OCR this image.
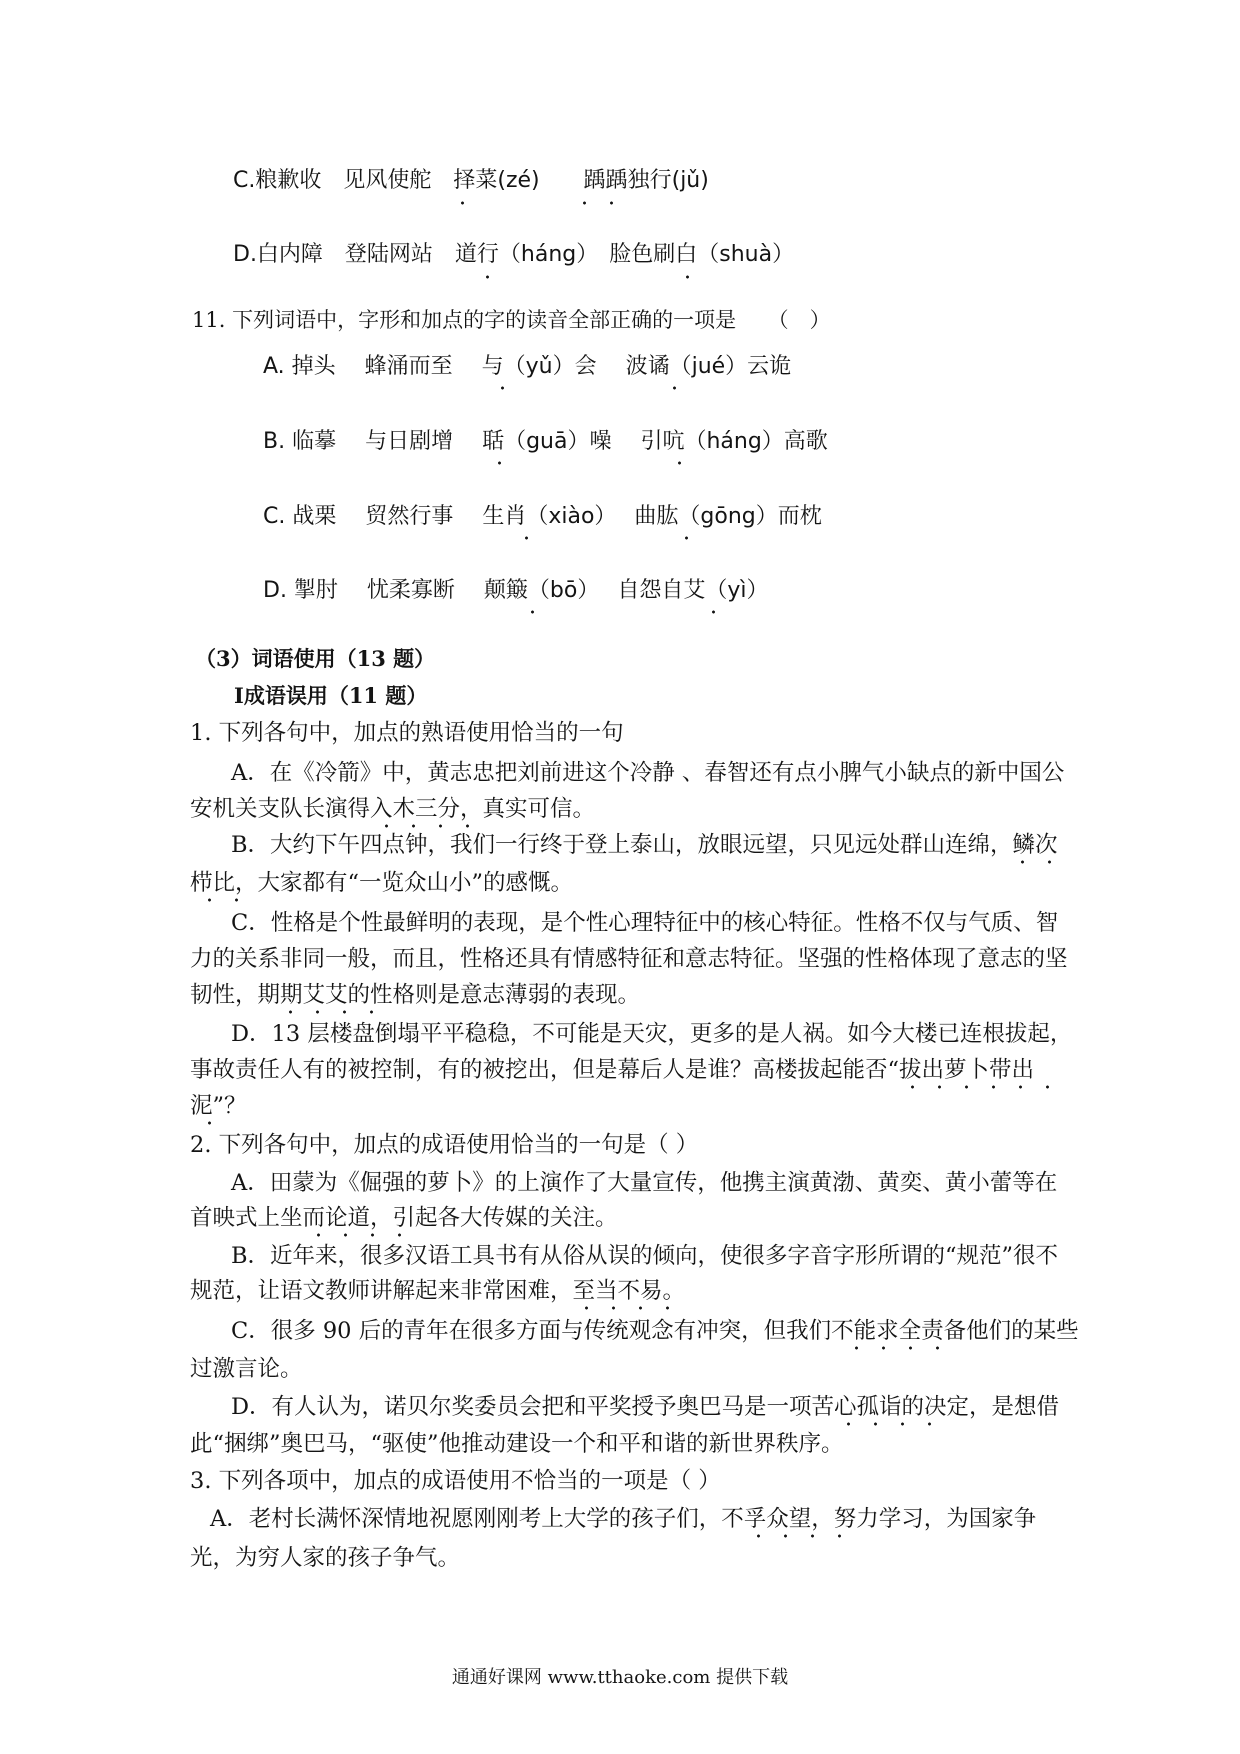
C.粮歉收　见风使舵　择菜(zé)　　踽踽独行(jǔ)
D.白内障　登陆网站　道行（háng）　脸色刷白（shuà）
11. 下列词语中，字形和加点的字的读音全部正确的一项是　　（　）
A. 掉头　 蜂涌而至　 与（yǔ）会　 波谲（jué）云诡
B. 临摹　 与日剧增　 聒（guā）噪　 引吭（háng）高歌
C. 战栗　 贸然行事　 生肖（xiào）　 曲肱（gōng）而枕
D. 掣肘　 忧柔寡断　 颠簸（bō）　 自怨自艾（yì）
（3）词语使用（13 题）
Ⅰ成语误用（11 题）
1. 下列各句中，加点的熟语使用恰当的一句
A．在《冷箭》中，黄志忠把刘前进这个冷静 、春智还有点小脾气小缺点的新中国公
安机关支队长演得入木三分，真实可信。
B．大约下午四点钟，我们一行终于登上泰山，放眼远望，只见远处群山连绵，鳞次
栉比，大家都有“一览众山小”的感慨。
C．性格是个性最鲜明的表现，是个性心理特征中的核心特征。性格不仅与气质、智
力的关系非同一般，而且，性格还具有情感特征和意志特征。坚强的性格体现了意志的坚
韧性，期期艾艾的性格则是意志薄弱的表现。
D．13 层楼盘倒塌平平稳稳，不可能是天灾，更多的是人祸。如今大楼已连根拔起，
事故责任人有的被控制，有的被挖出，但是幕后人是谁？高楼拔起能否“拔出萝卜带出
泥”？
2. 下列各句中，加点的成语使用恰当的一句是（ ）
A．田蒙为《倔强的萝卜》的上演作了大量宣传，他携主演黄渤、黄奕、黄小蕾等在
首映式上坐而论道，引起各大传媒的关注。
B．近年来，很多汉语工具书有从俗从误的倾向，使很多字音字形所谓的“规范”很不
规范，让语文教师讲解起来非常困难，至当不易。
C．很多 90 后的青年在很多方面与传统观念有冲突，但我们不能求全责备他们的某些
过激言论。
D．有人认为，诺贝尔奖委员会把和平奖授予奥巴马是一项苦心孤诣的决定，是想借
此“捆绑”奥巴马，“驱使”他推动建设一个和平和谐的新世界秩序。
3. 下列各项中，加点的成语使用不恰当的一项是（ ）
A．老村长满怀深情地祝愿刚刚考上大学的孩子们，不孚众望，努力学习，为国家争
光，为穷人家的孩子争气。
通通好课网 www.tthaoke.com 提供下载
